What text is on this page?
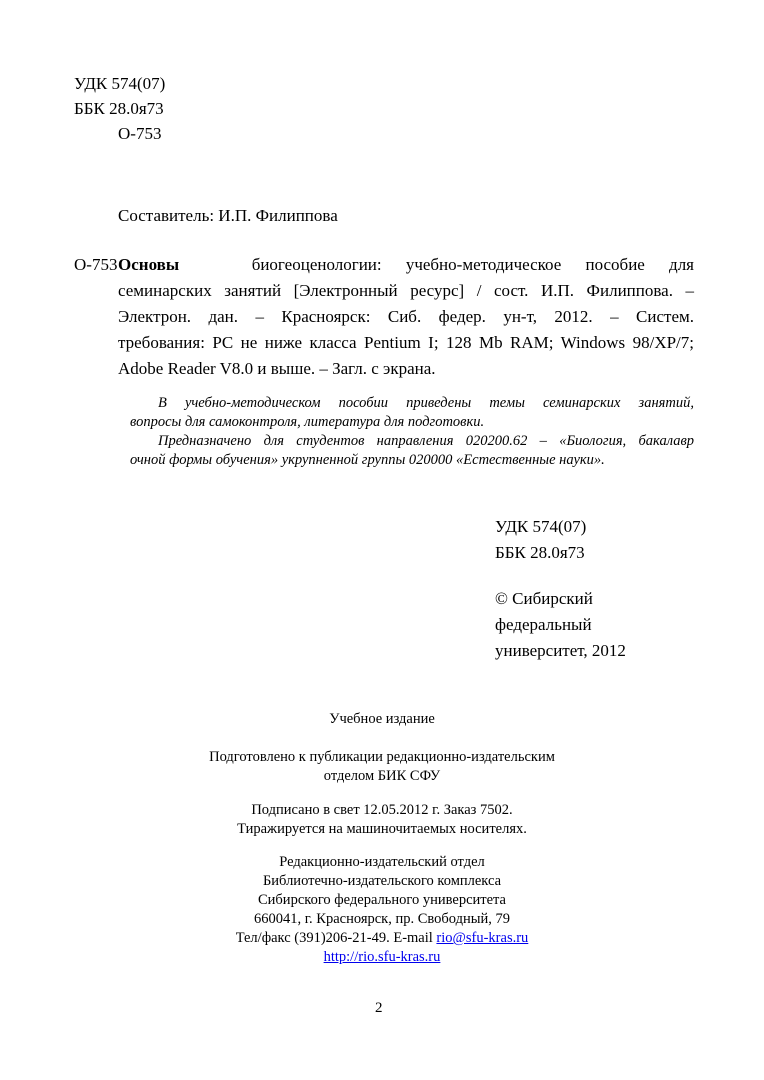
УДК 574(07)
ББК 28.0я73
О-753
Составитель: И.П. Филиппова
О-753 Основы	биогеоценологии: учебно-методическое пособие для
семинарских занятий [Электронный ресурс] / сост. И.П. Филиппова. –
Электрон. дан. – Красноярск: Сиб. федер. ун-т, 2012. – Систем.
требования: PC не ниже класса Pentium I; 128 Mb RAM; Windows 98/XP/7;
Adobe Reader V8.0 и выше. – Загл. с экрана.
В учебно-методическом пособии приведены темы семинарских занятий,
вопросы для самоконтроля, литература для подготовки.
Предназначено для студентов направления 020200.62 – «Биология, бакалавр
очной формы обучения» укрупненной группы 020000 «Естественные науки».
УДК 574(07)
ББК 28.0я73
© Сибирский
федеральный
университет, 2012
Учебное издание
Подготовлено к публикации редакционно-издательским
отделом БИК СФУ
Подписано в свет 12.05.2012 г. Заказ 7502.
Тиражируется на машиночитаемых носителях.
Редакционно-издательский отдел
Библиотечно-издательского комплекса
Сибирского федерального университета
660041, г. Красноярск, пр. Свободный, 79
Тел/факс (391)206-21-49. E-mail rio@sfu-kras.ru
http://rio.sfu-kras.ru
2
